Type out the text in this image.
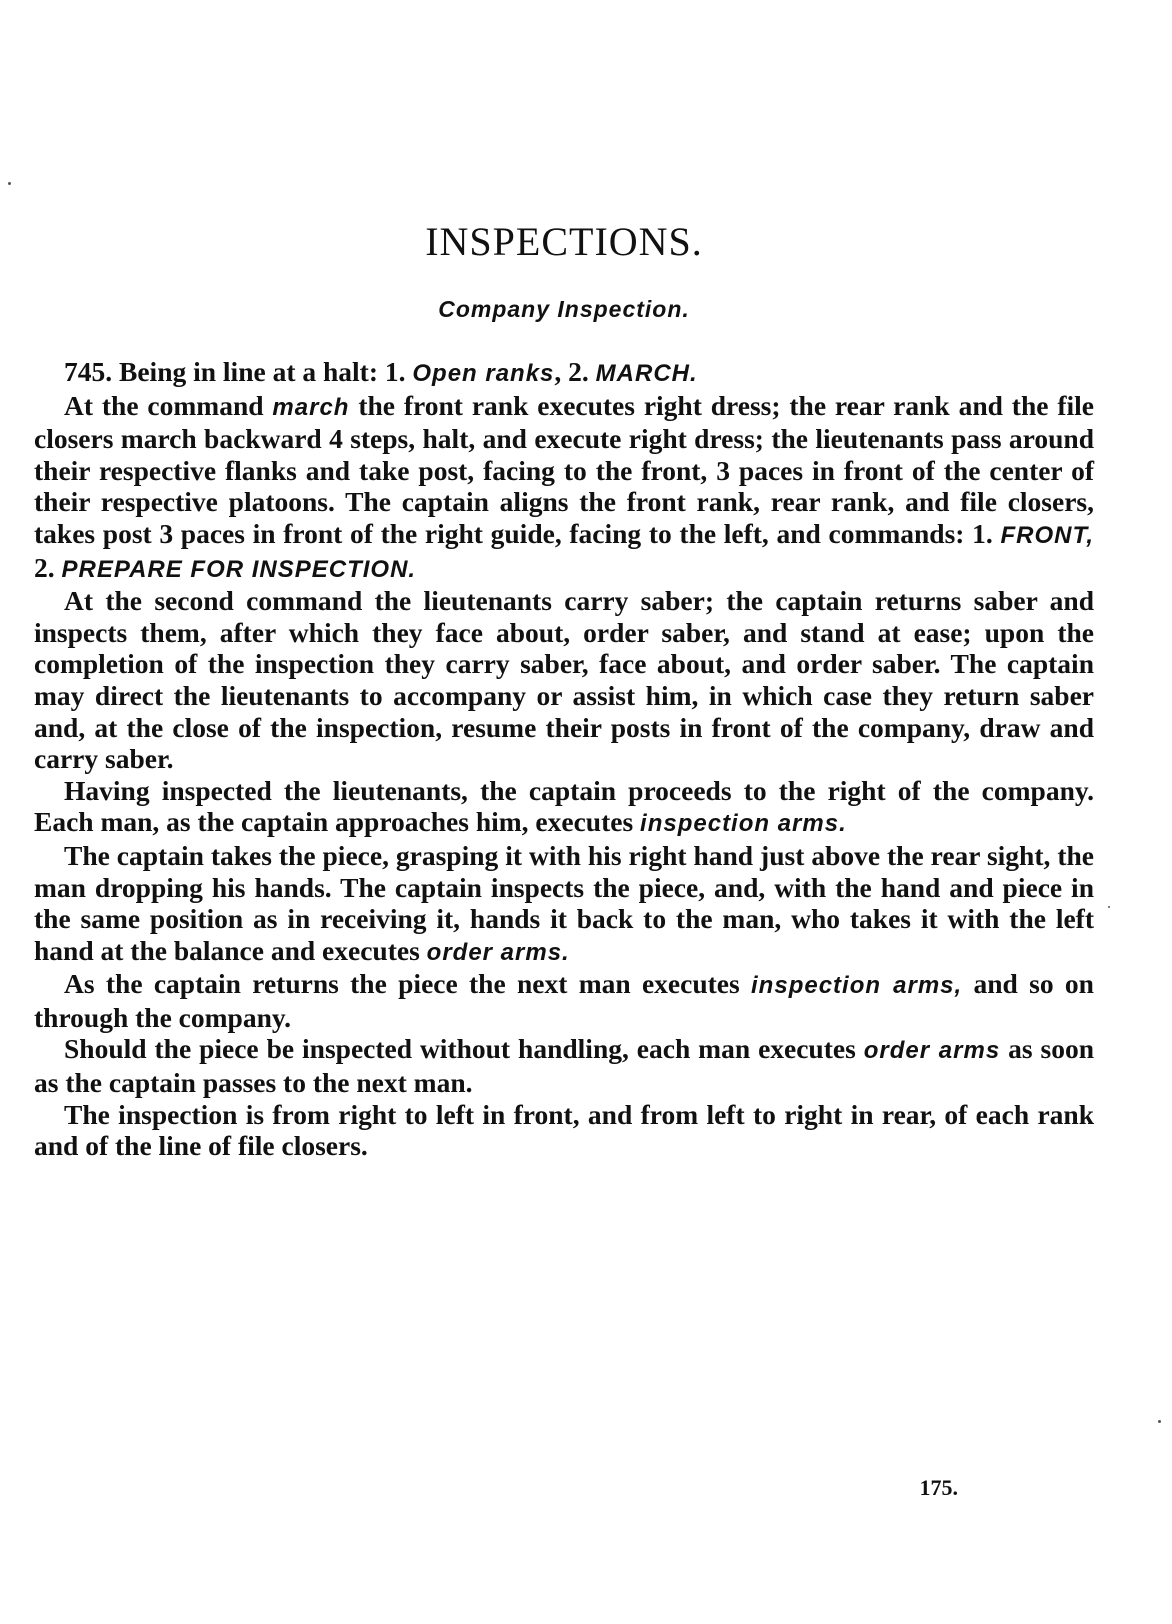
INSPECTIONS.
Company Inspection.

745. Being in line at a halt: 1. Open ranks, 2. MARCH.

At the command march the front rank executes right dress; the rear rank and the file closers march backward 4 steps, halt, and execute right dress; the lieutenants pass around their respective flanks and take post, facing to the front, 3 paces in front of the center of their respective platoons. The captain aligns the front rank, rear rank, and file closers, takes post 3 paces in front of the right guide, facing to the left, and commands: 1. FRONT, 2. PREPARE FOR INSPECTION.

At the second command the lieutenants carry saber; the captain returns saber and inspects them, after which they face about, order saber, and stand at ease; upon the completion of the inspection they carry saber, face about, and order saber. The captain may direct the lieutenants to accompany or assist him, in which case they return saber and, at the close of the inspection, resume their posts in front of the company, draw and carry saber.

Having inspected the lieutenants, the captain proceeds to the right of the company. Each man, as the captain approaches him, executes inspection arms.

The captain takes the piece, grasping it with his right hand just above the rear sight, the man dropping his hands. The captain inspects the piece, and, with the hand and piece in the same position as in receiving it, hands it back to the man, who takes it with the left hand at the balance and executes order arms.

As the captain returns the piece the next man executes inspection arms, and so on through the company.

Should the piece be inspected without handling, each man executes order arms as soon as the captain passes to the next man.

The inspection is from right to left in front, and from left to right in rear, of each rank and of the line of file closers.

175.
